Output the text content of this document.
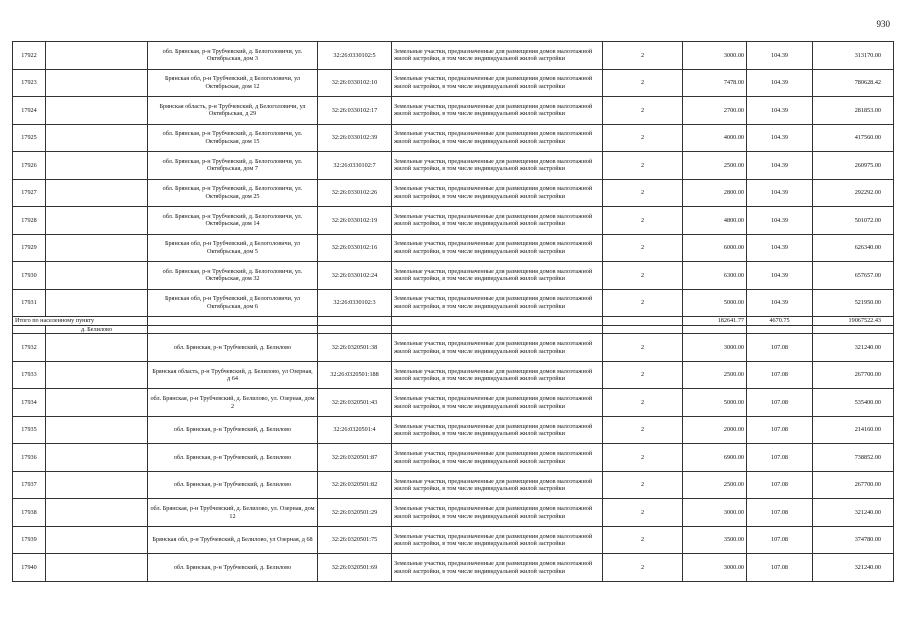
930
17922		обл. Брянская, р-н Трубчевский, д. Белоголовичи, ул. Октябрьская, дом 3	32:26:0330102:5	Земельные участки, предназначенные для размещения домов малоэтажной жилой застройки, в том числе индивидуальной жилой застройки	2	3000.00	104.39	313170.00
17923		Брянская обл, р-н Трубчевский, д Белоголовичи, ул Октябрьская, дом 12	32:26:0330102:10	Земельные участки, предназначенные для размещения домов малоэтажной жилой застройки, в том числе индивидуальной жилой застройки	2	7478.00	104.39	780628.42
17924		Брянская область, р-н Трубчевский, д Белоголовичи, ул Октябрьская, д 29	32:26:0330102:17	Земельные участки, предназначенные для размещения домов малоэтажной жилой застройки, в том числе индивидуальной жилой застройки	2	2700.00	104.39	281853.00
17925		обл. Брянская, р-н Трубчевский, д. Белоголовичи, ул. Октябрьская, дом 15	32:26:0330102:39	Земельные участки, предназначенные для размещения домов малоэтажной жилой застройки, в том числе индивидуальной жилой застройки	2	4000.00	104.39	417560.00
17926		обл. Брянская, р-н Трубчевский, д. Белоголовичи, ул. Октябрьская, дом 7	32:26:0330102:7	Земельные участки, предназначенные для размещения домов малоэтажной жилой застройки, в том числе индивидуальной жилой застройки	2	2500.00	104.39	260975.00
17927		обл. Брянская, р-н Трубчевский, д. Белоголовичи, ул. Октябрьская, дом 25	32:26:0330102:26	Земельные участки, предназначенные для размещения домов малоэтажной жилой застройки, в том числе индивидуальной жилой застройки	2	2800.00	104.39	292292.00
17928		обл. Брянская, р-н Трубчевский, д. Белоголовичи, ул. Октябрьская, дом 14	32:26:0330102:19	Земельные участки, предназначенные для размещения домов малоэтажной жилой застройки, в том числе индивидуальной жилой застройки	2	4800.00	104.39	501072.00
17929		Брянская обл, р-н Трубчевский, д Белоголовичи, ул Октябрьская, дом 5	32:26:0330102:16	Земельные участки, предназначенные для размещения домов малоэтажной жилой застройки, в том числе индивидуальной жилой застройки	2	6000.00	104.39	626340.00
17930		обл. Брянская, р-н Трубчевский, д. Белоголовичи, ул. Октябрьская, дом 32	32:26:0330102:24	Земельные участки, предназначенные для размещения домов малоэтажной жилой застройки, в том числе индивидуальной жилой застройки	2	6300.00	104.39	657657.00
17931		Брянская обл, р-н Трубчевский, д Белоголовичи, ул Октябрьская, дом 6	32:26:0330102:3	Земельные участки, предназначенные для размещения домов малоэтажной жилой застройки, в том числе индивидуальной жилой застройки	2	5000.00	104.39	521950.00
Итого по населенному пункту						182641.77	4670.75	19067522.43
	д. Белилово							
17932		обл. Брянская, р-н Трубчевский, д. Белилово	32:26:0320501:38	Земельные участки, предназначенные для размещения домов малоэтажной жилой застройки, в том числе индивидуальной жилой застройки	2	3000.00	107.08	321240.00
17933		Брянская область, р-н Трубчевский, д. Белилово, ул Озерная, д 64	32:26:0320501:188	Земельные участки, предназначенные для размещения домов малоэтажной жилой застройки, в том числе индивидуальной жилой застройки	2	2500.00	107.08	267700.00
17934		обл. Брянская, р-н Трубчевский, д. Белилово, ул. Озерная, дом 2	32:26:0320501:43	Земельные участки, предназначенные для размещения домов малоэтажной жилой застройки, в том числе индивидуальной жилой застройки	2	5000.00	107.08	535400.00
17935		обл. Брянская, р-н Трубчевский, д. Белилово	32:26:0320501:4	Земельные участки, предназначенные для размещения домов малоэтажной жилой застройки, в том числе индивидуальной жилой застройки	2	2000.00	107.08	214160.00
17936		обл. Брянская, р-н Трубчевский, д. Белилово	32:26:0320501:87	Земельные участки, предназначенные для размещения домов малоэтажной жилой застройки, в том числе индивидуальной жилой застройки	2	6900.00	107.08	738852.00
17937		обл. Брянская, р-н Трубчевский, д. Белилово	32:26:0320501:82	Земельные участки, предназначенные для размещения домов малоэтажной жилой застройки, в том числе индивидуальной жилой застройки	2	2500.00	107.08	267700.00
17938		обл. Брянская, р-н Трубчевский, д. Белилово, ул. Озерная, дом 12	32:26:0320501:29	Земельные участки, предназначенные для размещения домов малоэтажной жилой застройки, в том числе индивидуальной жилой застройки	2	3000.00	107.08	321240.00
17939		Брянская обл, р-н Трубчевский, д Белилово, ул Озерная, д 68	32:26:0320501:75	Земельные участки, предназначенные для размещения домов малоэтажной жилой застройки, в том числе индивидуальной жилой застройки	2	3500.00	107.08	374780.00
17940		обл. Брянская, р-н Трубчевский, д. Белилово	32:26:0320501:69	Земельные участки, предназначенные для размещения домов малоэтажной жилой застройки, в том числе индивидуальной жилой застройки	2	3000.00	107.08	321240.00
